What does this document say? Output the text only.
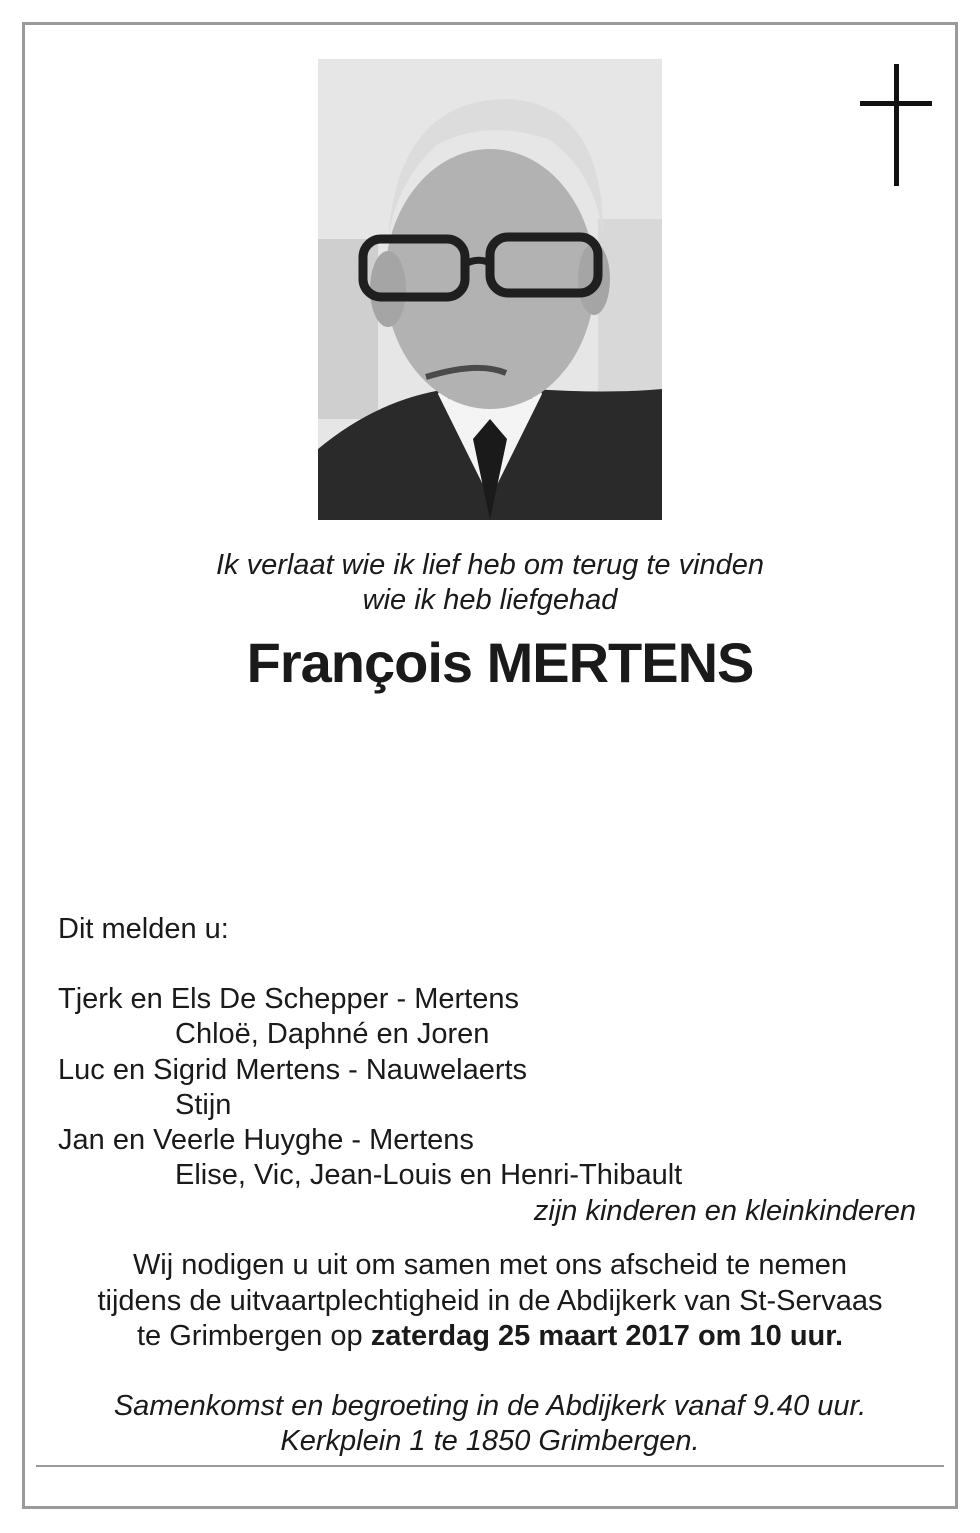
Ik verlaat wie ik lief heb om terug te vinden
wie ik heb liefgehad
François MERTENS
Dit melden u:
Tjerk en Els De Schepper - Mertens
Chloë, Daphné en Joren
Luc en Sigrid Mertens - Nauwelaerts
Stijn
Jan en Veerle Huyghe - Mertens
Elise, Vic, Jean-Louis en Henri-Thibault
zijn kinderen en kleinkinderen
Wij nodigen u uit om samen met ons afscheid te nemen
tijdens de uitvaartplechtigheid in de Abdijkerk van St-Servaas
te Grimbergen op zaterdag 25 maart 2017 om 10 uur.
Samenkomst en begroeting in de Abdijkerk vanaf 9.40 uur.
Kerkplein 1 te 1850 Grimbergen.
